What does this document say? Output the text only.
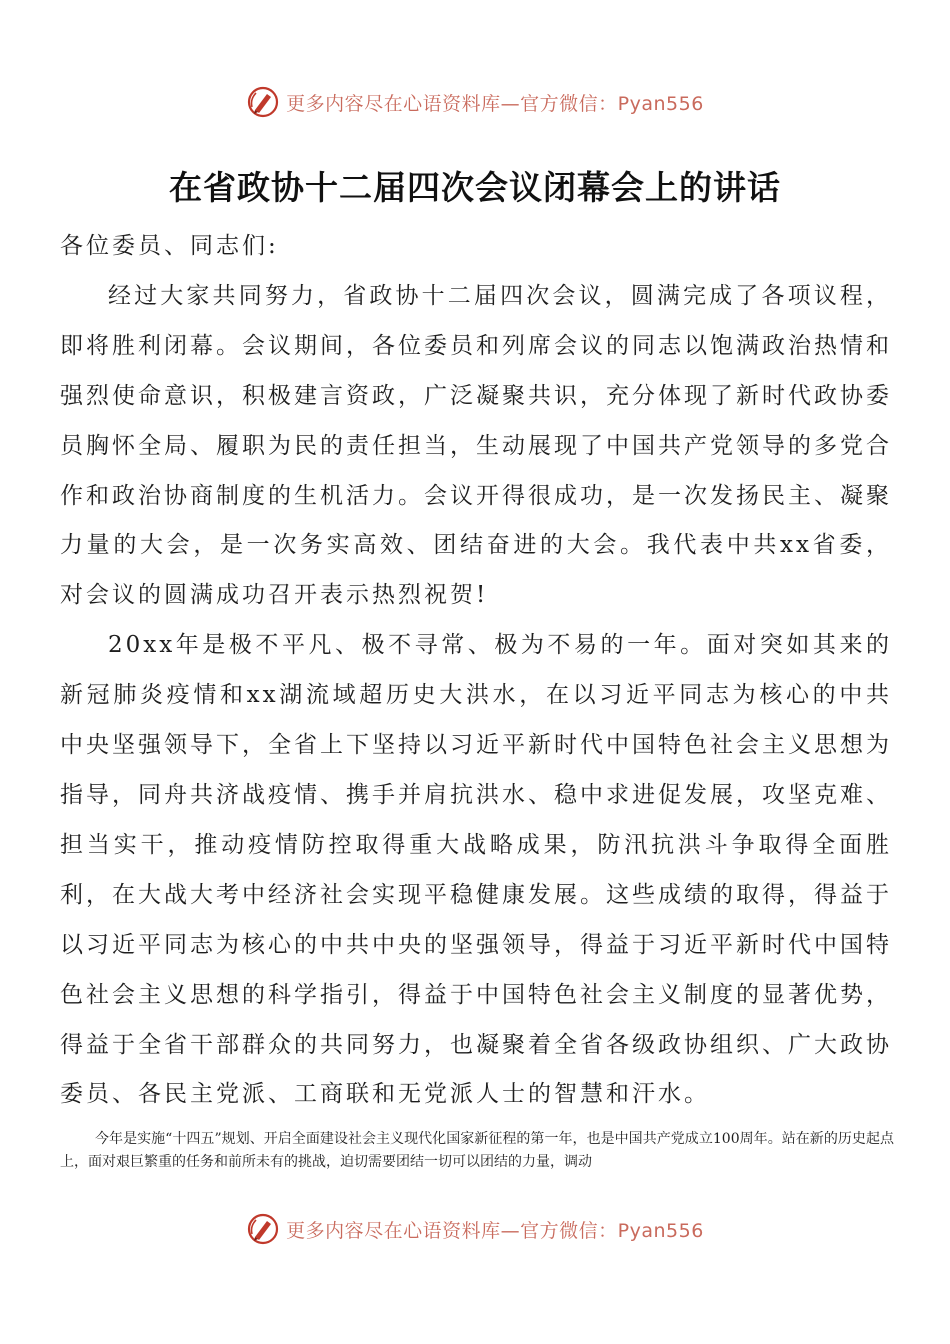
更多内容尽在心语资料库—官方微信：Pyan556
在省政协十二届四次会议闭幕会上的讲话

各位委员、同志们:

经过大家共同努力，省政协十二届四次会议，圆满完成了各项议程，即将胜利闭幕。会议期间，各位委员和列席会议的同志以饱满政治热情和强烈使命意识，积极建言资政，广泛凝聚共识，充分体现了新时代政协委员胸怀全局、履职为民的责任担当，生动展现了中国共产党领导的多党合作和政治协商制度的生机活力。会议开得很成功，是一次发扬民主、凝聚力量的大会，是一次务实高效、团结奋进的大会。我代表中共xx省委，对会议的圆满成功召开表示热烈祝贺!

20xx年是极不平凡、极不寻常、极为不易的一年。面对突如其来的新冠肺炎疫情和xx湖流域超历史大洪水，在以习近平同志为核心的中共中央坚强领导下，全省上下坚持以习近平新时代中国特色社会主义思想为指导，同舟共济战疫情、携手并肩抗洪水、稳中求进促发展，攻坚克难、担当实干，推动疫情防控取得重大战略成果，防汛抗洪斗争取得全面胜利，在大战大考中经济社会实现平稳健康发展。这些成绩的取得，得益于以习近平同志为核心的中共中央的坚强领导，得益于习近平新时代中国特色社会主义思想的科学指引，得益于中国特色社会主义制度的显著优势，得益于全省干部群众的共同努力，也凝聚着全省各级政协组织、广大政协委员、各民主党派、工商联和无党派人士的智慧和汗水。

今年是实施“十四五”规划、开启全面建设社会主义现代化国家新征程的第一年，也是中国共产党成立100周年。站在新的历史起点上，面对艰巨繁重的任务和前所未有的挑战，迫切需要团结一切可以团结的力量，调动

更多内容尽在心语资料库—官方微信：Pyan556
